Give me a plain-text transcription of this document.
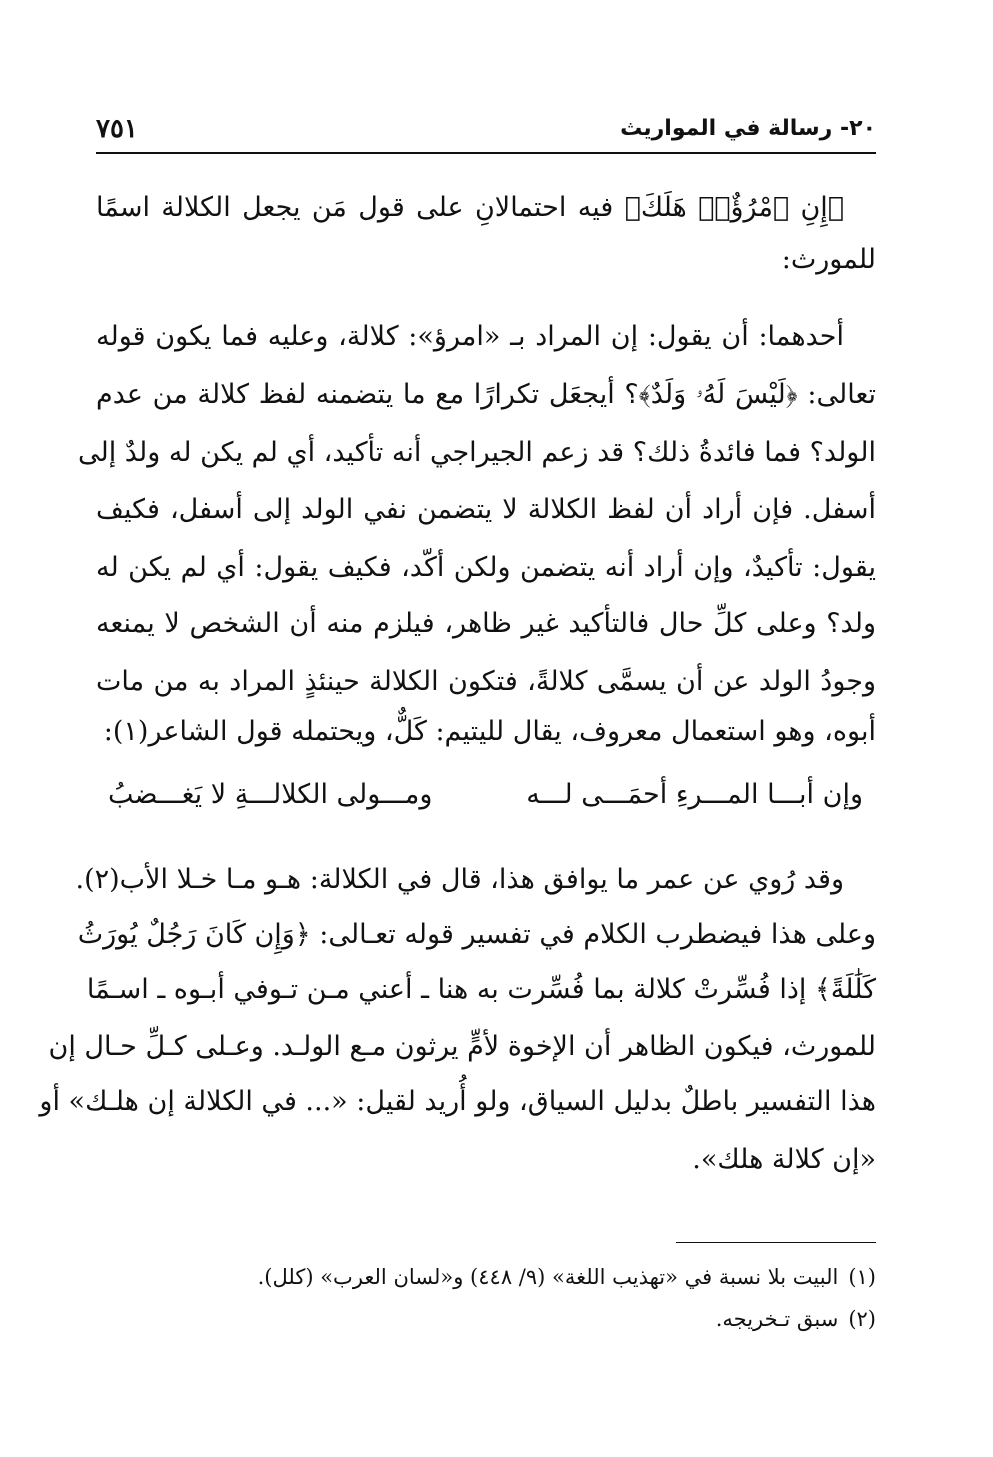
٢٠- رسالة في المواريث
٧٥١
﴿إِنِ ٱمْرُؤٌا۟ هَلَكَ﴾ فيه احتمالانِ على قول مَن يجعل الكلالة اسمًا
للمورث:
أحدهما: أن يقول: إن المراد بـ «امرؤ»: كلالة، وعليه فما يكون قوله
تعالى: ﴿لَيْسَ لَهُۥ وَلَدٌ﴾؟ أيجعَل تكرارًا مع ما يتضمنه لفظ كلالة من عدم
الولد؟ فما فائدةُ ذلك؟ قد زعم الجيراجي أنه تأكيد، أي لم يكن له ولدٌ إلى
أسفل. فإن أراد أن لفظ الكلالة لا يتضمن نفي الولد إلى أسفل، فكيف
يقول: تأكيدٌ، وإن أراد أنه يتضمن ولكن أكّد، فكيف يقول: أي لم يكن له
ولد؟ وعلى كلِّ حال فالتأكيد غير ظاهر، فيلزم منه أن الشخص لا يمنعه
وجودُ الولد عن أن يسمَّى كلالةً، فتكون الكلالة حينئذٍ المراد به من مات
أبوه، وهو استعمال معروف، يقال لليتيم: كَلٌّ، ويحتمله قول الشاعر(١):
وإن أبـــا المـــرءِ أحمَـــى لـــه
ومـــولى الكلالـــةِ لا يَغـــضبُ
وقد رُوي عن عمر ما يوافق هذا، قال في الكلالة: هـو مـا خـلا الأب(٢).
وعلى هذا فيضطرب الكلام في تفسير قوله تعـالى: ﴿وَإِن كَانَ رَجُلٌ يُورَثُ
كَلَٰلَةً﴾ إذا فُسِّرتْ كلالة بما فُسِّرت به هنا ـ أعني مـن تـوفي أبـوه ـ اسـمًا
للمورث، فيكون الظاهر أن الإخوة لأمٍّ يرثون مـع الولـد. وعـلى كـلِّ حـال إن
هذا التفسير باطلٌ بدليل السياق، ولو أُريد لقيل: «... في الكلالة إن هلـك» أو
«إن كلالة هلك».
(١)البيت بلا نسبة في «تهذيب اللغة» (٩/ ٤٤٨) و«لسان العرب» (كلل).
(٢)سبق تـخريجه.
